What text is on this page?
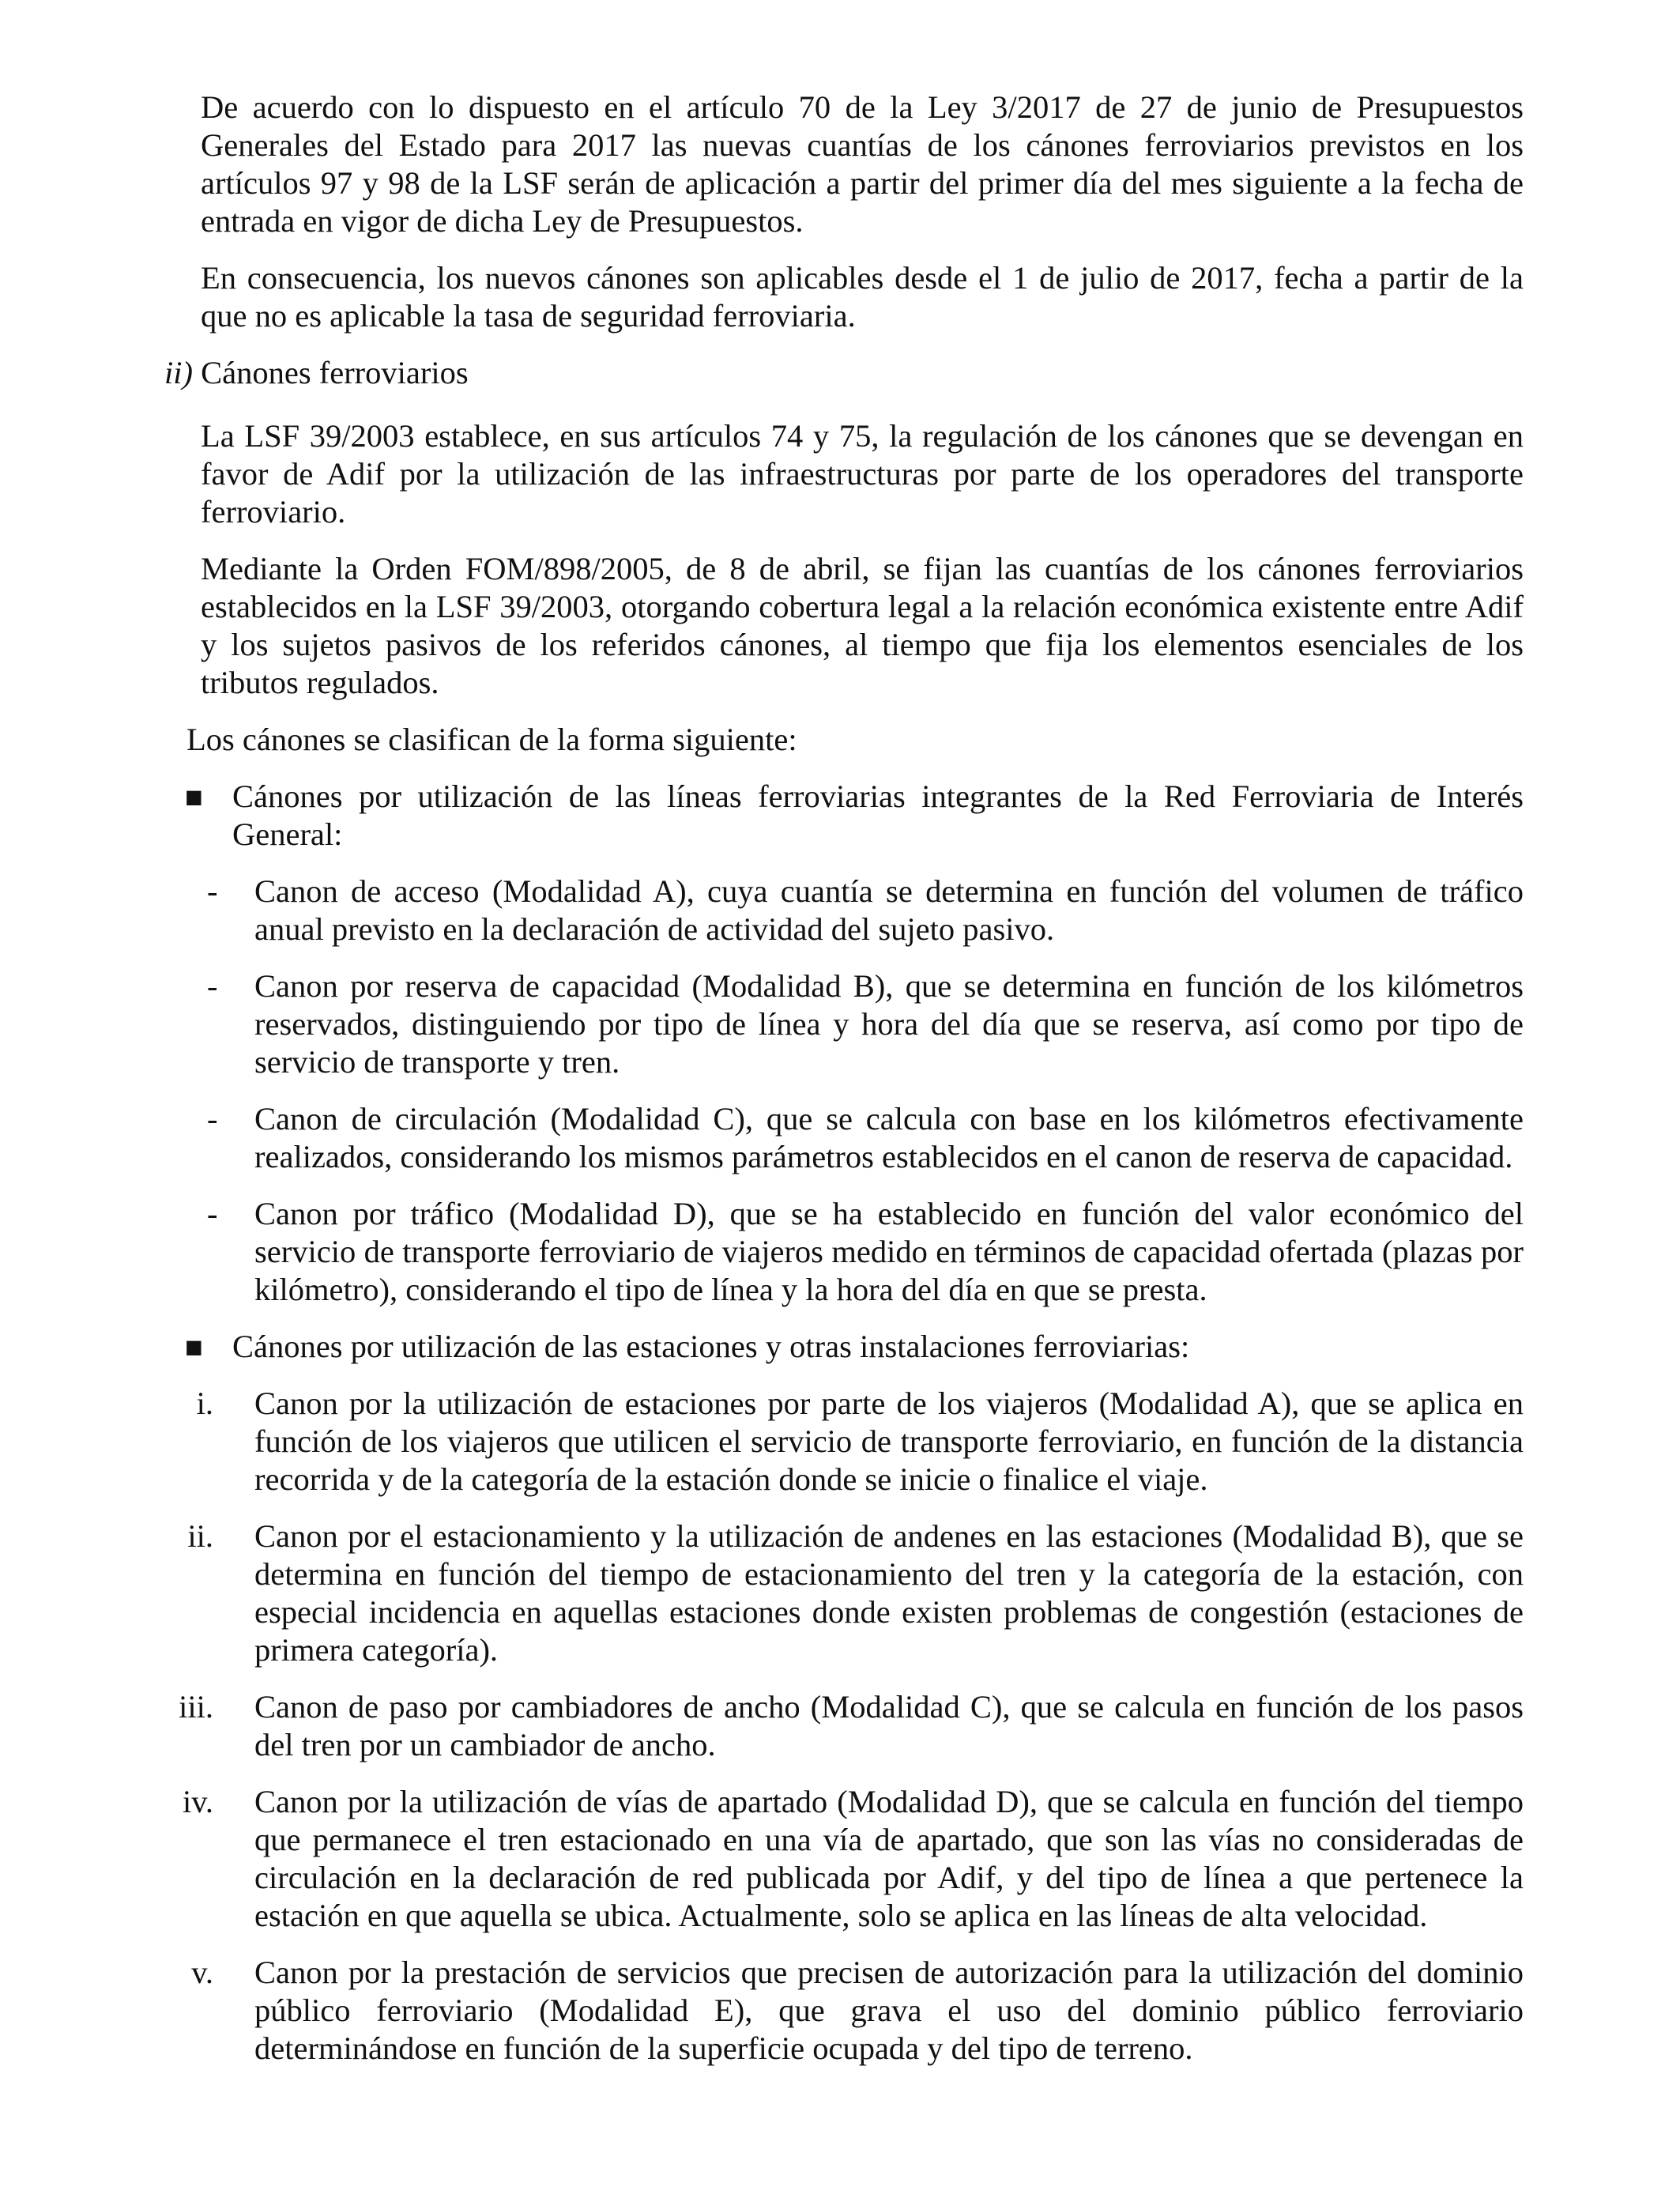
De acuerdo con lo dispuesto en el artículo 70 de la Ley 3/2017 de 27 de junio de Presupuestos Generales del Estado para 2017 las nuevas cuantías de los cánones ferroviarios previstos en los artículos 97 y 98 de la LSF serán de aplicación a partir del primer día del mes siguiente a la fecha de entrada en vigor de dicha Ley de Presupuestos.

En consecuencia, los nuevos cánones son aplicables desde el 1 de julio de 2017, fecha a partir de la que no es aplicable la tasa de seguridad ferroviaria.

ii) Cánones ferroviarios

La LSF 39/2003 establece, en sus artículos 74 y 75, la regulación de los cánones que se devengan en favor de Adif por la utilización de las infraestructuras por parte de los operadores del transporte ferroviario.

Mediante la Orden FOM/898/2005, de 8 de abril, se fijan las cuantías de los cánones ferroviarios establecidos en la LSF 39/2003, otorgando cobertura legal a la relación económica existente entre Adif y los sujetos pasivos de los referidos cánones, al tiempo que fija los elementos esenciales de los tributos regulados.

Los cánones se clasifican de la forma siguiente:

■ Cánones por utilización de las líneas ferroviarias integrantes de la Red Ferroviaria de Interés General:

- Canon de acceso (Modalidad A), cuya cuantía se determina en función del volumen de tráfico anual previsto en la declaración de actividad del sujeto pasivo.

- Canon por reserva de capacidad (Modalidad B), que se determina en función de los kilómetros reservados, distinguiendo por tipo de línea y hora del día que se reserva, así como por tipo de servicio de transporte y tren.

- Canon de circulación (Modalidad C), que se calcula con base en los kilómetros efectivamente realizados, considerando los mismos parámetros establecidos en el canon de reserva de capacidad.

- Canon por tráfico (Modalidad D), que se ha establecido en función del valor económico del servicio de transporte ferroviario de viajeros medido en términos de capacidad ofertada (plazas por kilómetro), considerando el tipo de línea y la hora del día en que se presta.

■ Cánones por utilización de las estaciones y otras instalaciones ferroviarias:

i. Canon por la utilización de estaciones por parte de los viajeros (Modalidad A), que se aplica en función de los viajeros que utilicen el servicio de transporte ferroviario, en función de la distancia recorrida y de la categoría de la estación donde se inicie o finalice el viaje.

ii. Canon por el estacionamiento y la utilización de andenes en las estaciones (Modalidad B), que se determina en función del tiempo de estacionamiento del tren y la categoría de la estación, con especial incidencia en aquellas estaciones donde existen problemas de congestión (estaciones de primera categoría).

iii. Canon de paso por cambiadores de ancho (Modalidad C), que se calcula en función de los pasos del tren por un cambiador de ancho.

iv. Canon por la utilización de vías de apartado (Modalidad D), que se calcula en función del tiempo que permanece el tren estacionado en una vía de apartado, que son las vías no consideradas de circulación en la declaración de red publicada por Adif, y del tipo de línea a que pertenece la estación en que aquella se ubica. Actualmente, solo se aplica en las líneas de alta velocidad.

v. Canon por la prestación de servicios que precisen de autorización para la utilización del dominio público ferroviario (Modalidad E), que grava el uso del dominio público ferroviario determinándose en función de la superficie ocupada y del tipo de terreno.
